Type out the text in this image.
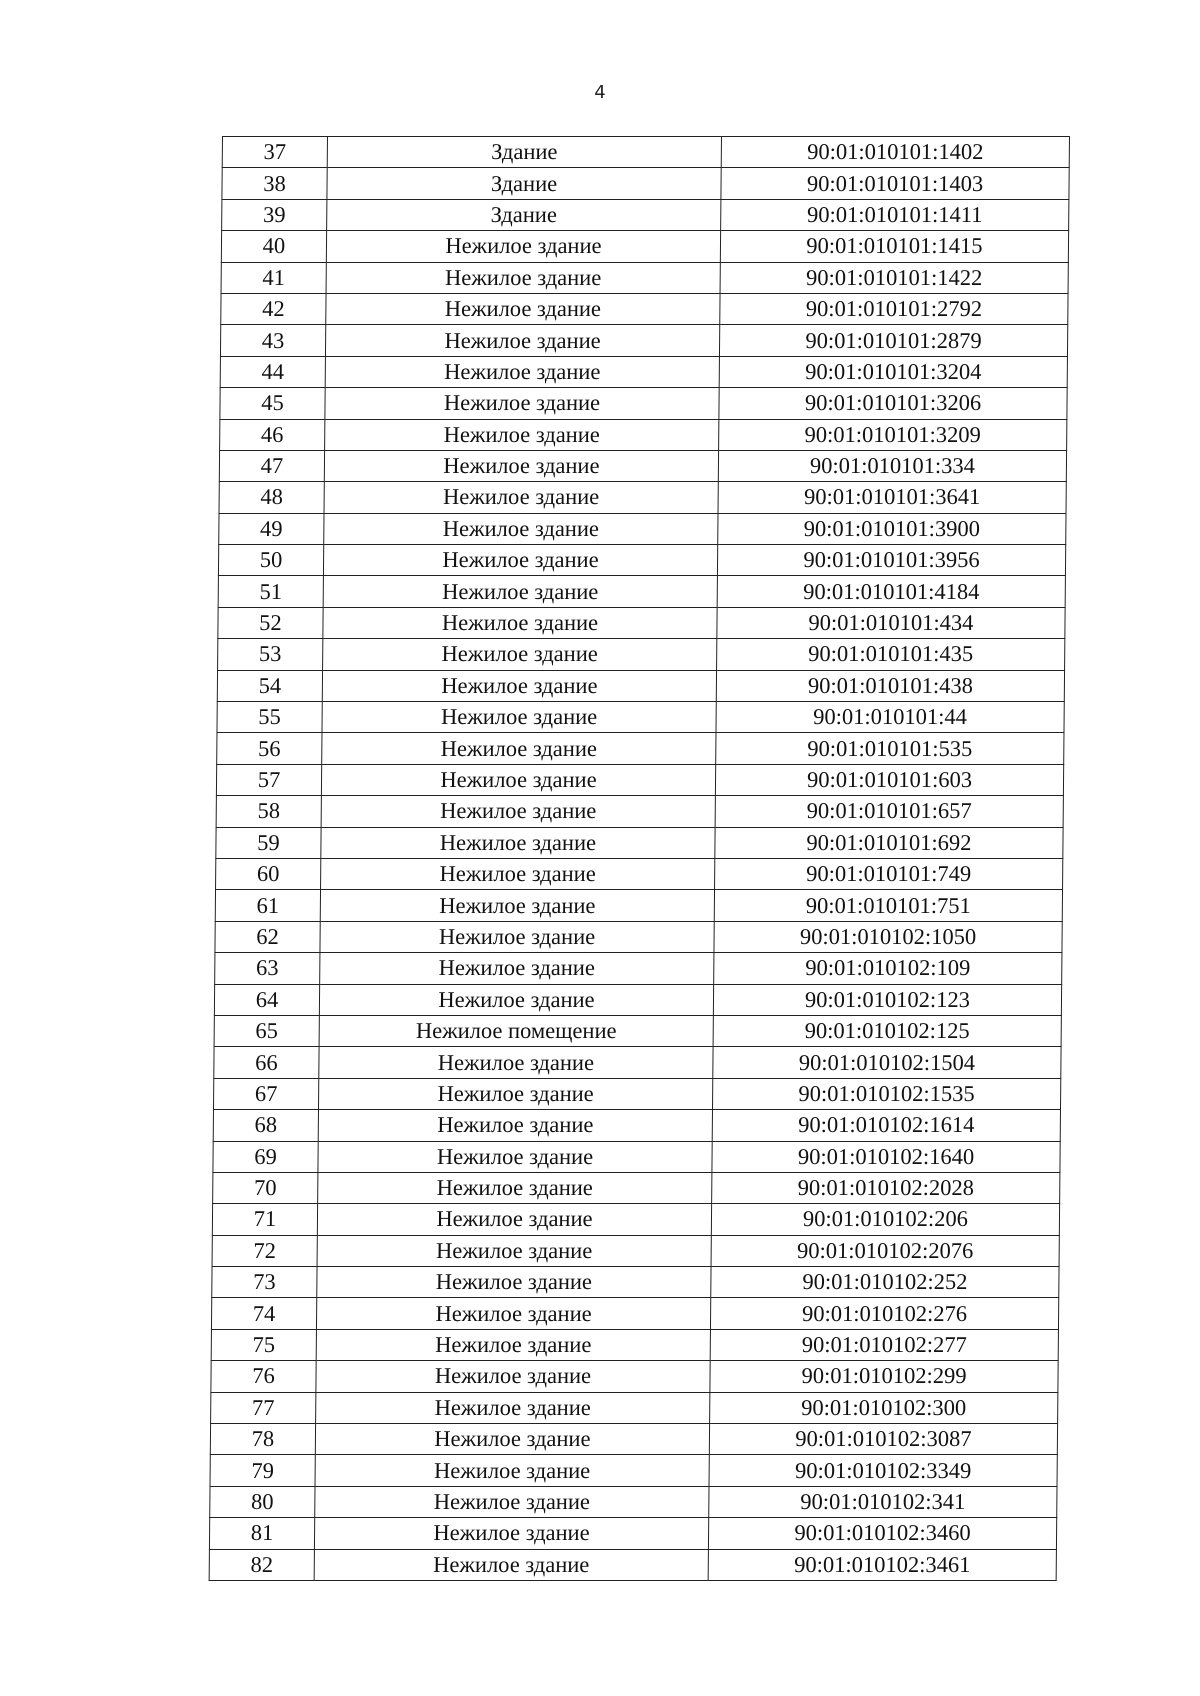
4
37	Здание	90:01:010101:1402
38	Здание	90:01:010101:1403
39	Здание	90:01:010101:1411
40	Нежилое здание	90:01:010101:1415
41	Нежилое здание	90:01:010101:1422
42	Нежилое здание	90:01:010101:2792
43	Нежилое здание	90:01:010101:2879
44	Нежилое здание	90:01:010101:3204
45	Нежилое здание	90:01:010101:3206
46	Нежилое здание	90:01:010101:3209
47	Нежилое здание	90:01:010101:334
48	Нежилое здание	90:01:010101:3641
49	Нежилое здание	90:01:010101:3900
50	Нежилое здание	90:01:010101:3956
51	Нежилое здание	90:01:010101:4184
52	Нежилое здание	90:01:010101:434
53	Нежилое здание	90:01:010101:435
54	Нежилое здание	90:01:010101:438
55	Нежилое здание	90:01:010101:44
56	Нежилое здание	90:01:010101:535
57	Нежилое здание	90:01:010101:603
58	Нежилое здание	90:01:010101:657
59	Нежилое здание	90:01:010101:692
60	Нежилое здание	90:01:010101:749
61	Нежилое здание	90:01:010101:751
62	Нежилое здание	90:01:010102:1050
63	Нежилое здание	90:01:010102:109
64	Нежилое здание	90:01:010102:123
65	Нежилое помещение	90:01:010102:125
66	Нежилое здание	90:01:010102:1504
67	Нежилое здание	90:01:010102:1535
68	Нежилое здание	90:01:010102:1614
69	Нежилое здание	90:01:010102:1640
70	Нежилое здание	90:01:010102:2028
71	Нежилое здание	90:01:010102:206
72	Нежилое здание	90:01:010102:2076
73	Нежилое здание	90:01:010102:252
74	Нежилое здание	90:01:010102:276
75	Нежилое здание	90:01:010102:277
76	Нежилое здание	90:01:010102:299
77	Нежилое здание	90:01:010102:300
78	Нежилое здание	90:01:010102:3087
79	Нежилое здание	90:01:010102:3349
80	Нежилое здание	90:01:010102:341
81	Нежилое здание	90:01:010102:3460
82	Нежилое здание	90:01:010102:3461
